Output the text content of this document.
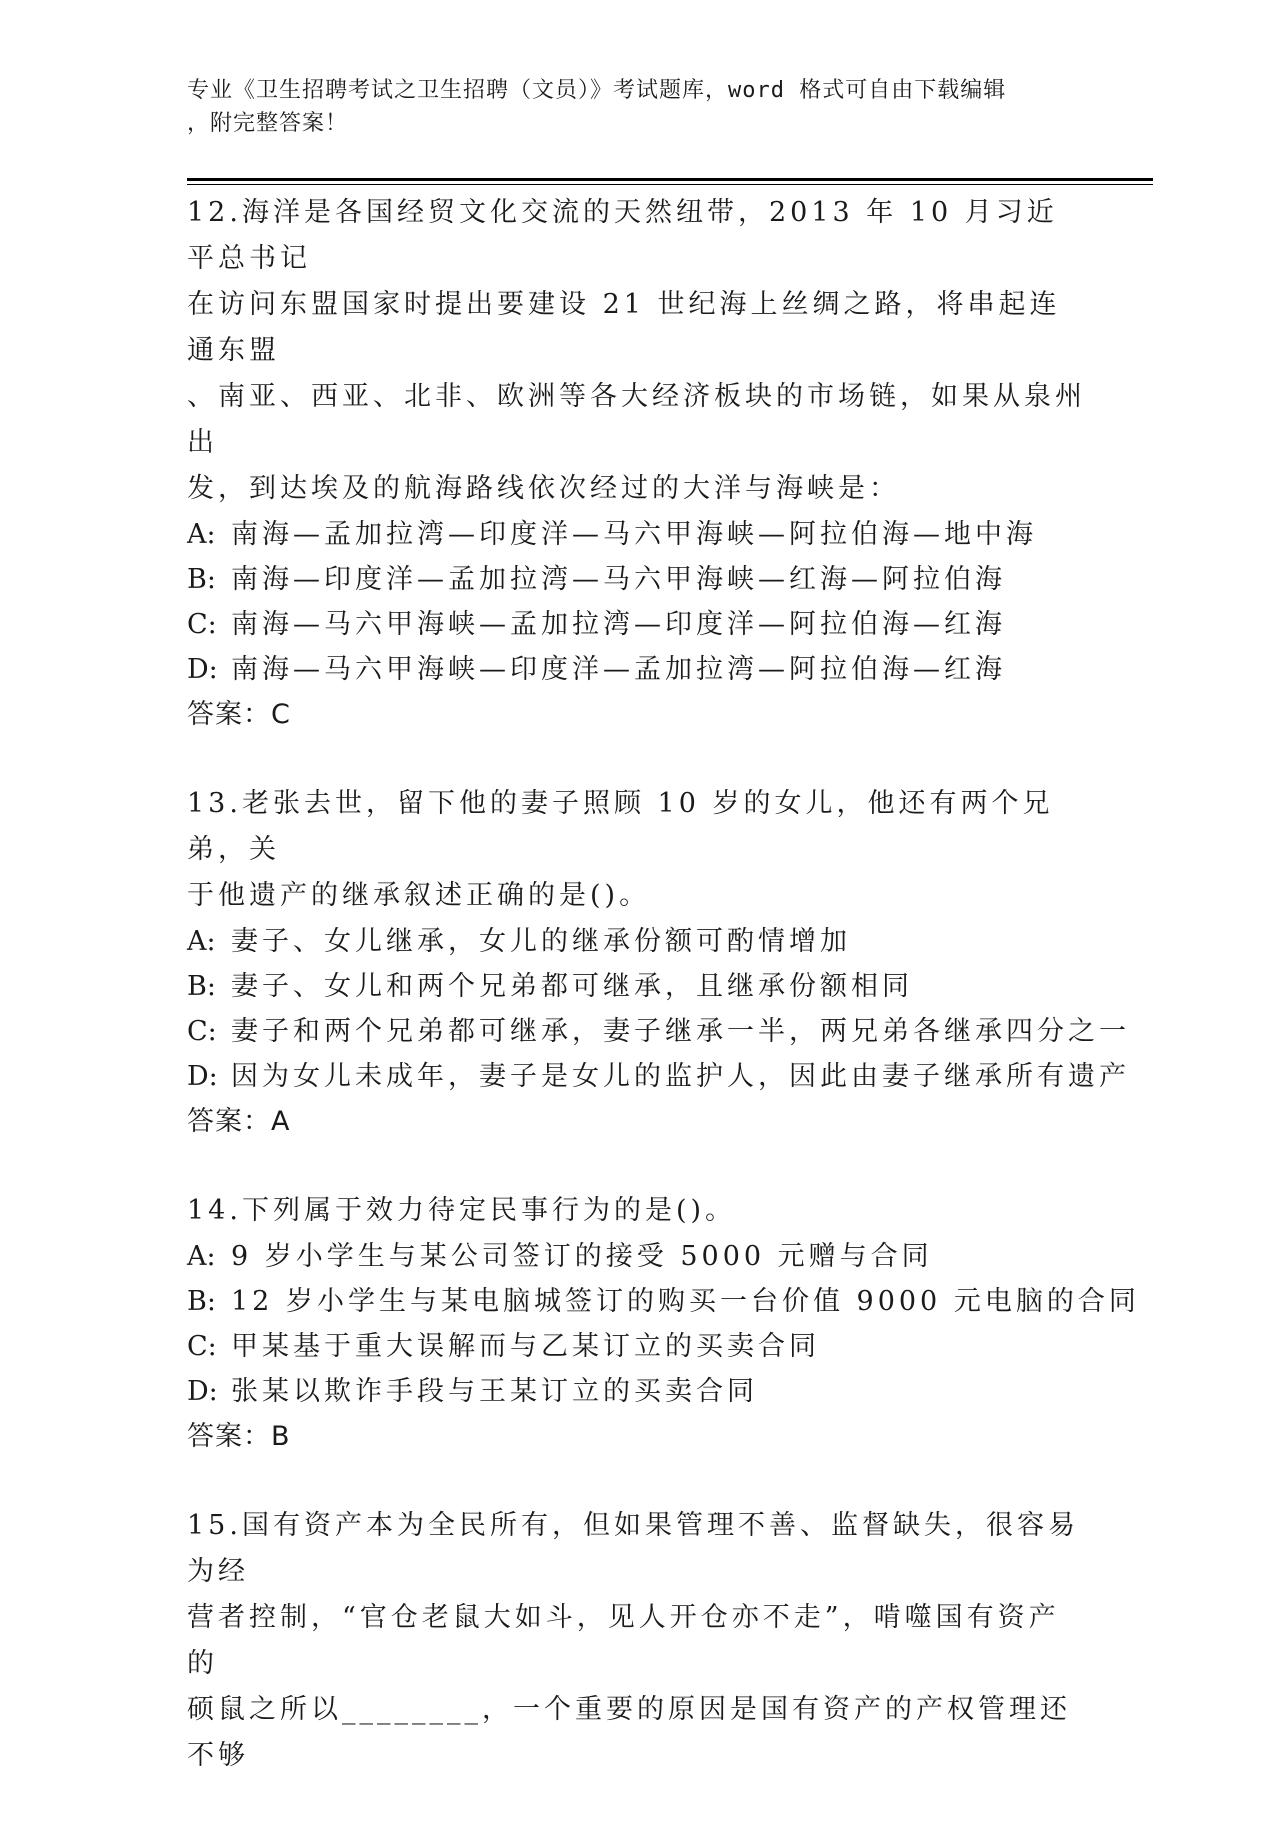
专业《卫生招聘考试之卫生招聘（文员）》考试题库，word 格式可自由下载编辑
，附完整答案！
12.海洋是各国经贸文化交流的天然纽带，2013 年 10 月习近平总书记
在访问东盟国家时提出要建设 21 世纪海上丝绸之路，将串起连通东盟
、南亚、西亚、北非、欧洲等各大经济板块的市场链，如果从泉州出
发，到达埃及的航海路线依次经过的大洋与海峡是：
A: 南海—孟加拉湾—印度洋—马六甲海峡—阿拉伯海—地中海
B: 南海—印度洋—孟加拉湾—马六甲海峡—红海—阿拉伯海
C: 南海—马六甲海峡—孟加拉湾—印度洋—阿拉伯海—红海
D: 南海—马六甲海峡—印度洋—孟加拉湾—阿拉伯海—红海
答案：C
13.老张去世，留下他的妻子照顾 10 岁的女儿，他还有两个兄弟，关
于他遗产的继承叙述正确的是()。
A: 妻子、女儿继承，女儿的继承份额可酌情增加
B: 妻子、女儿和两个兄弟都可继承，且继承份额相同
C: 妻子和两个兄弟都可继承，妻子继承一半，两兄弟各继承四分之一
D: 因为女儿未成年，妻子是女儿的监护人，因此由妻子继承所有遗产
答案：A
14.下列属于效力待定民事行为的是()。
A: 9 岁小学生与某公司签订的接受 5000 元赠与合同
B: 12 岁小学生与某电脑城签订的购买一台价值 9000 元电脑的合同
C: 甲某基于重大误解而与乙某订立的买卖合同
D: 张某以欺诈手段与王某订立的买卖合同
答案：B
15.国有资产本为全民所有，但如果管理不善、监督缺失，很容易为经
营者控制，“官仓老鼠大如斗，见人开仓亦不走”，啃噬国有资产的
硕鼠之所以________，一个重要的原因是国有资产的产权管理还不够
